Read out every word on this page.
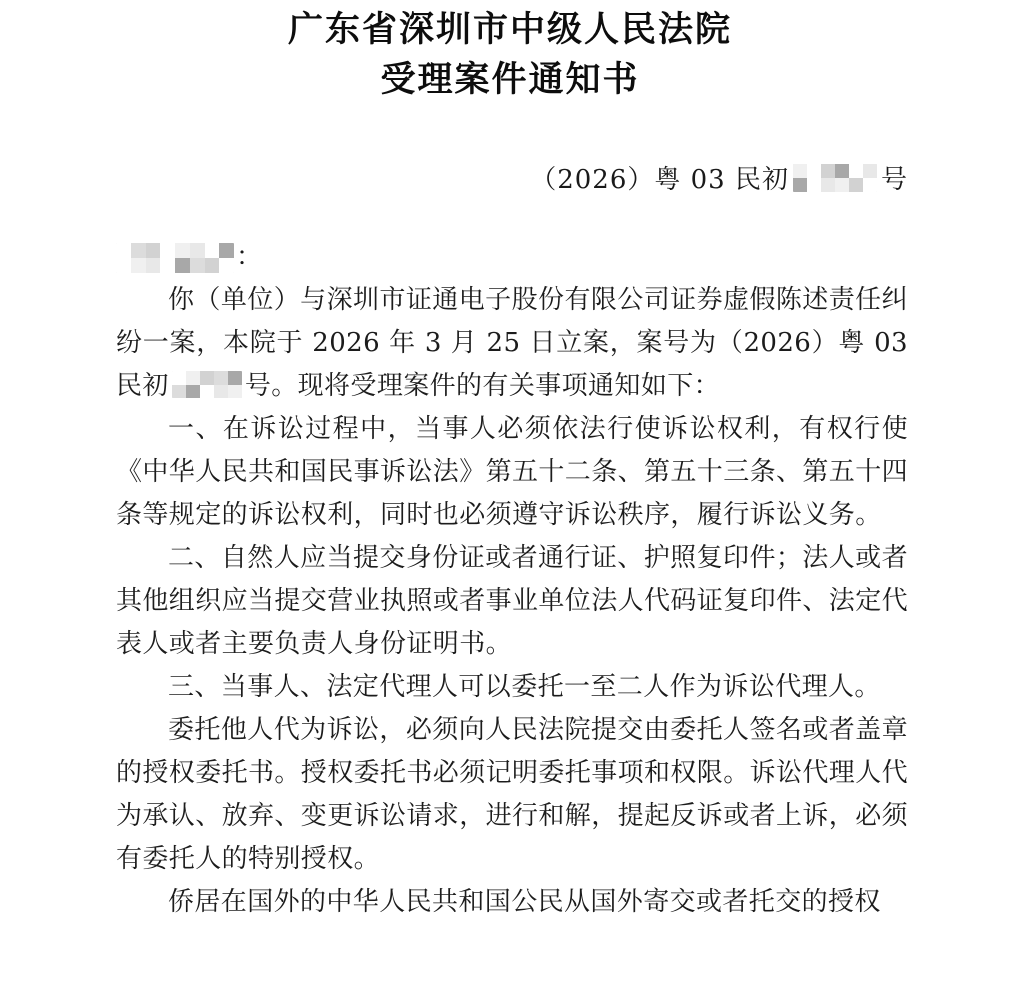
广东省深圳市中级人民法院
受理案件通知书
（2026）粤 03 民初	号
：

你（单位）与深圳市证通电子股份有限公司证券虚假陈述责任纠纷一案，本院于 2026 年 3 月 25 日立案，案号为（2026）粤 03 民初	号。现将受理案件的有关事项通知如下：

一、在诉讼过程中，当事人必须依法行使诉讼权利，有权行使《中华人民共和国民事诉讼法》第五十二条、第五十三条、第五十四条等规定的诉讼权利，同时也必须遵守诉讼秩序，履行诉讼义务。

二、自然人应当提交身份证或者通行证、护照复印件；法人或者其他组织应当提交营业执照或者事业单位法人代码证复印件、法定代表人或者主要负责人身份证明书。

三、当事人、法定代理人可以委托一至二人作为诉讼代理人。

委托他人代为诉讼，必须向人民法院提交由委托人签名或者盖章的授权委托书。授权委托书必须记明委托事项和权限。诉讼代理人代为承认、放弃、变更诉讼请求，进行和解，提起反诉或者上诉，必须有委托人的特别授权。

侨居在国外的中华人民共和国公民从国外寄交或者托交的授权
